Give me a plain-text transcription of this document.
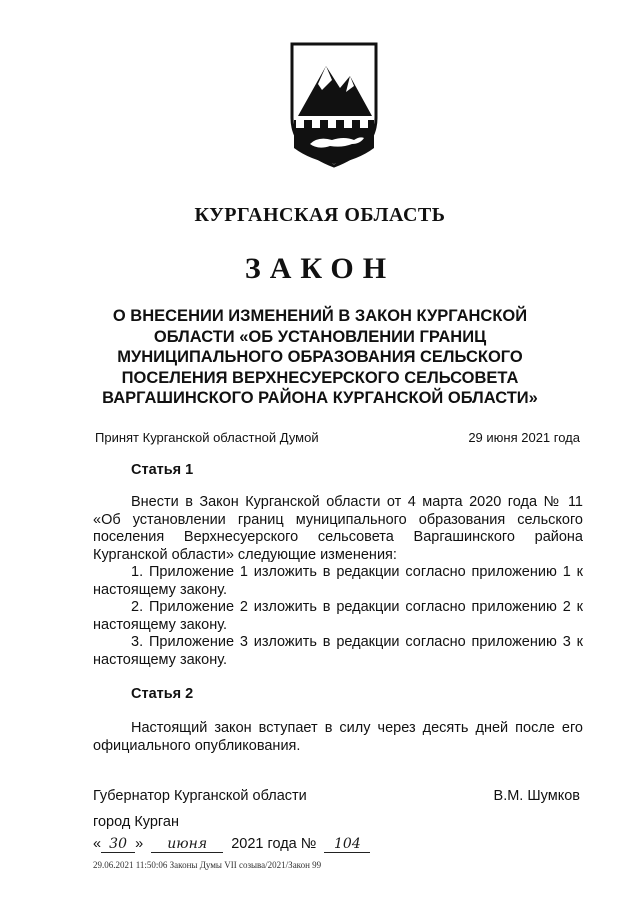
КУРГАНСКАЯ ОБЛАСТЬ
ЗАКОН
О ВНЕСЕНИИ ИЗМЕНЕНИЙ В ЗАКОН КУРГАНСКОЙ
ОБЛАСТИ «ОБ УСТАНОВЛЕНИИ ГРАНИЦ
МУНИЦИПАЛЬНОГО ОБРАЗОВАНИЯ СЕЛЬСКОГО
ПОСЕЛЕНИЯ ВЕРХНЕСУЕРСКОГО СЕЛЬСОВЕТА
ВАРГАШИНСКОГО РАЙОНА КУРГАНСКОЙ ОБЛАСТИ»
Принят Курганской областной Думой	29 июня 2021 года
Статья 1

Внести в Закон Курганской области от 4 марта 2020 года № 11 «Об установлении границ муниципального образования сельского поселения Верхнесуерского сельсовета Варгашинского района Курганской области» следующие изменения:

1. Приложение 1 изложить в редакции согласно приложению 1 к настоящему закону.

2. Приложение 2 изложить в редакции согласно приложению 2 к настоящему закону.

3. Приложение 3 изложить в редакции согласно приложению 3 к настоящему закону.

Статья 2

Настоящий закон вступает в силу через десять дней после его официального опубликования.

Губернатор Курганской области	В.М. Шумков
город Курган
« 30 » июня 2021 года № 104
29.06.2021 11:50:06 Законы Думы VII созыва/2021/Закон 99
